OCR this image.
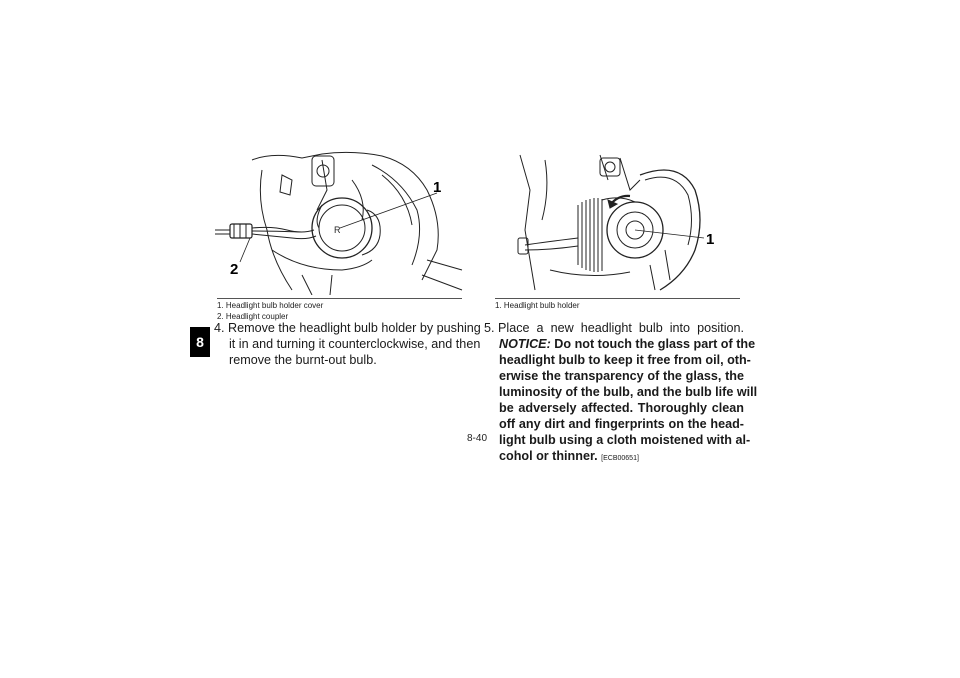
8
R
1
2
1. Headlight bulb holder cover
2. Headlight coupler
1
1. Headlight bulb holder
4. Remove the headlight bulb holder by pushing
it in and turning it counterclockwise, and then
remove the burnt-out bulb.
5. Place a new headlight bulb into position.
NOTICE: Do not touch the glass part of the
headlight bulb to keep it free from oil, oth-
erwise the transparency of the glass, the
luminosity of the bulb, and the bulb life will
be adversely affected. Thoroughly clean
off any dirt and fingerprints on the head-
light bulb using a cloth moistened with al-
cohol or thinner. [ECB00651]
8-40
